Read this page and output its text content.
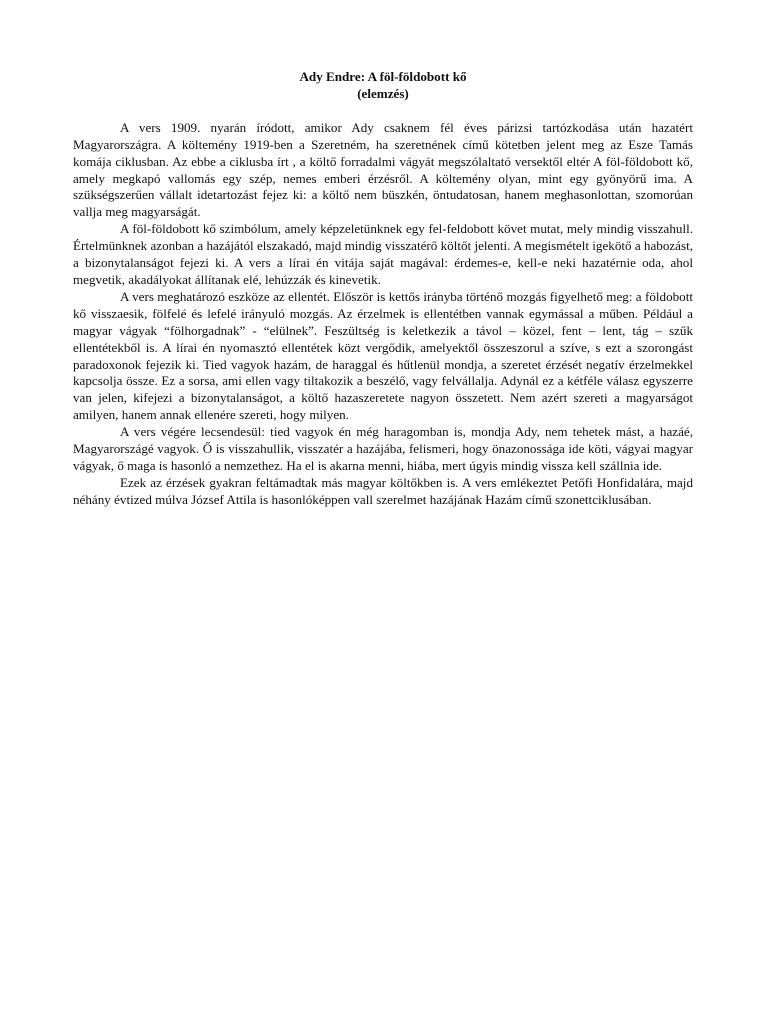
Ady Endre: A föl-földobott kő
(elemzés)

A vers 1909. nyarán íródott, amikor Ady csaknem fél éves párizsi tartózkodása után hazatért Magyarországra. A költemény 1919-ben a Szeretném, ha szeretnének című kötetben jelent meg az Esze Tamás komája ciklusban. Az ebbe a ciklusba írt , a költő forradalmi vágyát megszólaltató versektől eltér A föl-földobott kő, amely megkapó vallomás egy szép, nemes emberi érzésről. A költemény olyan, mint egy gyönyörű ima. A szükségszerűen vállalt idetartozást fejez ki: a költő nem büszkén, öntudatosan, hanem meghasonlottan, szomorúan vallja meg magyarságát.

A föl-földobott kő szimbólum, amely képzeletünknek egy fel-feldobott követ mutat, mely mindig visszahull. Értelmünknek azonban a hazájától elszakadó, majd mindig visszatérő költőt jelenti. A megismételt igekötő a habozást, a bizonytalanságot fejezi ki. A vers a lírai én vitája saját magával: érdemes-e, kell-e neki hazatérnie oda, ahol megvetik, akadályokat állítanak elé, lehúzzák és kinevetik.

A vers meghatározó eszköze az ellentét. Először is kettős irányba történő mozgás figyelhető meg: a földobott kő visszaesik, fölfelé és lefelé irányuló mozgás. Az érzelmek is ellentétben vannak egymással a műben. Például a magyar vágyak “fölhorgadnak” - “elülnek”. Feszültség is keletkezik a távol – közel, fent – lent, tág – szűk ellentétekből is. A lírai én nyomasztó ellentétek közt vergődik, amelyektől összeszorul a szíve, s ezt a szorongást paradoxonok fejezik ki. Tied vagyok hazám, de haraggal és hűtlenül mondja, a szeretet érzését negatív érzelmekkel kapcsolja össze. Ez a sorsa, ami ellen vagy tiltakozik a beszélő, vagy felvállalja. Adynál ez a kétféle válasz egyszerre van jelen, kifejezi a bizonytalanságot, a költő hazaszeretete nagyon összetett. Nem azért szereti a magyarságot amilyen, hanem annak ellenére szereti, hogy milyen.

A vers végére lecsendesül: tied vagyok én még haragomban is, mondja Ady, nem tehetek mást, a hazáé, Magyarországé vagyok. Ő is visszahullik, visszatér a hazájába, felismeri, hogy önazonossága ide köti, vágyai magyar vágyak, ő maga is hasonló a nemzethez. Ha el is akarna menni, hiába, mert úgyis mindig vissza kell szállnia ide.

Ezek az érzések gyakran feltámadtak más magyar költőkben is. A vers emlékeztet Petőfi Honfidalára, majd néhány évtized múlva József Attila is hasonlóképpen vall szerelmet hazájának Hazám című szonettciklusában.
